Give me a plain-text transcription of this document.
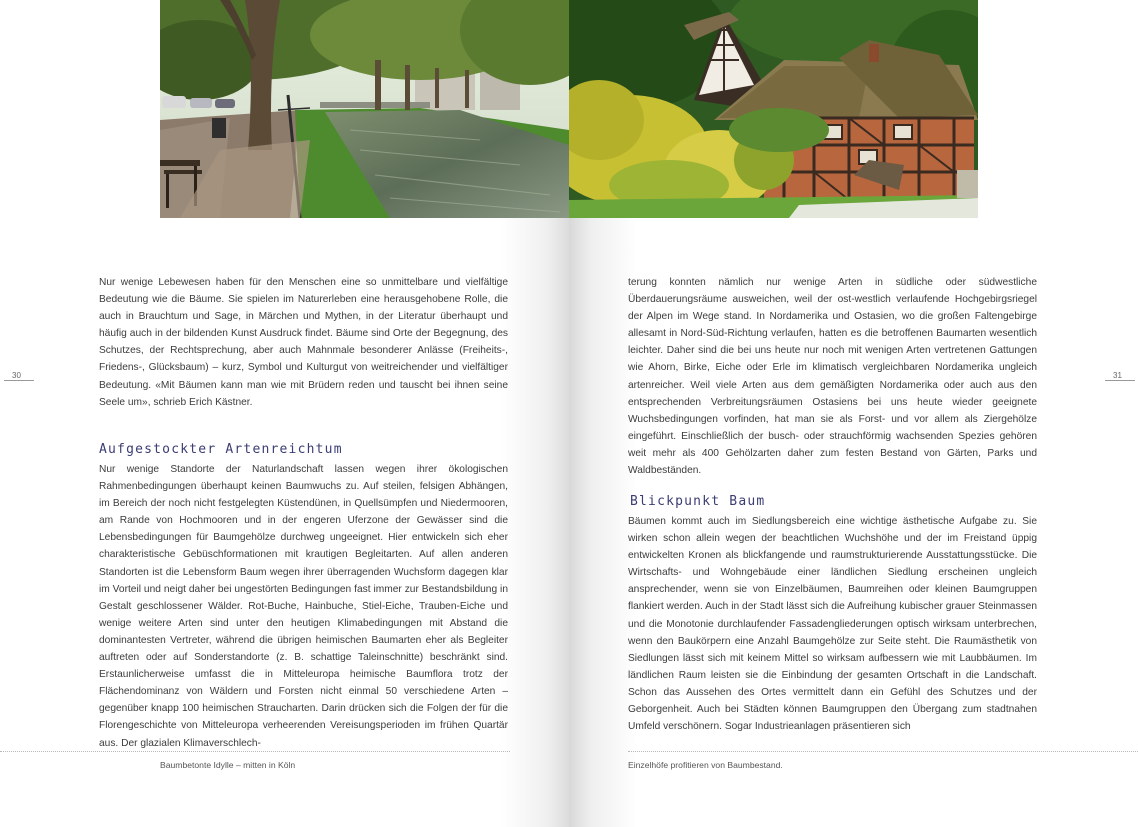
30

Nur wenige Lebewesen haben für den Menschen eine so unmittelbare und vielfältige Bedeutung wie die Bäume. Sie spielen im Naturerleben eine herausgehobene Rolle, die auch in Brauchtum und Sage, in Märchen und Mythen, in der Literatur überhaupt und häufig auch in der bildenden Kunst Ausdruck findet. Bäume sind Orte der Begegnung, des Schutzes, der Rechtsprechung, aber auch Mahnmale besonderer Anlässe (Freiheits-, Friedens-, Glücksbaum) – kurz, Symbol und Kulturgut von weitreichender und vielfältiger Bedeutung. «Mit Bäumen kann man wie mit Brüdern reden und tauscht bei ihnen seine Seele um», schrieb Erich Kästner.

Aufgestockter Artenreichtum

Nur wenige Standorte der Naturlandschaft lassen wegen ihrer ökologischen Rahmenbedingungen überhaupt keinen Baumwuchs zu. Auf steilen, felsigen Abhängen, im Bereich der noch nicht festgelegten Küstendünen, in Quellsümpfen und Niedermooren, am Rande von Hochmooren und in der engeren Uferzone der Gewässer sind die Lebensbedingungen für Baumgehölze durchweg ungeeignet. Hier entwickeln sich eher charakteristische Gebüschformationen mit krautigen Begleitarten. Auf allen anderen Standorten ist die Lebensform Baum wegen ihrer überragenden Wuchsform dagegen klar im Vorteil und neigt daher bei ungestörten Bedingungen fast immer zur Bestandsbildung in Gestalt geschlossener Wälder. Rot-Buche, Hainbuche, Stiel-Eiche, Trauben-Eiche und wenige weitere Arten sind unter den heutigen Klimabedingungen mit Abstand die dominantesten Vertreter, während die übrigen heimischen Baumarten eher als Begleiter auftreten oder auf Sonderstandorte (z. B. schattige Taleinschnitte) beschränkt sind. Erstaunlicherweise umfasst die in Mitteleuropa heimische Baumflora trotz der Flächendominanz von Wäldern und Forsten nicht einmal 50 verschiedene Arten – gegenüber knapp 100 heimischen Straucharten. Darin drücken sich die Folgen der für die Florengeschichte von Mitteleuropa verheerenden Vereisungsperioden im frühen Quartär aus. Der glazialen Klimaverschlech-

Baumbetonte Idylle – mitten in Köln
31

terung konnten nämlich nur wenige Arten in südliche oder südwestliche Überdauerungsräume ausweichen, weil der ost-westlich verlaufende Hochgebirgsriegel der Alpen im Wege stand. In Nordamerika und Ostasien, wo die großen Faltengebirge allesamt in Nord-Süd-Richtung verlaufen, hatten es die betroffenen Baumarten wesentlich leichter. Daher sind die bei uns heute nur noch mit wenigen Arten vertretenen Gattungen wie Ahorn, Birke, Eiche oder Erle im klimatisch vergleichbaren Nordamerika ungleich artenreicher. Weil viele Arten aus dem gemäßigten Nordamerika oder auch aus den entsprechenden Verbreitungsräumen Ostasiens bei uns heute wieder geeignete Wuchsbedingungen vorfinden, hat man sie als Forst- und vor allem als Ziergehölze eingeführt. Einschließlich der busch- oder strauchförmig wachsenden Spezies gehören weit mehr als 400 Gehölzarten daher zum festen Bestand von Gärten, Parks und Waldbeständen.

Blickpunkt Baum

Bäumen kommt auch im Siedlungsbereich eine wichtige ästhetische Aufgabe zu. Sie wirken schon allein wegen der beachtlichen Wuchshöhe und der im Freistand üppig entwickelten Kronen als blickfangende und raumstrukturierende Ausstattungsstücke. Die Wirtschafts- und Wohngebäude einer ländlichen Siedlung erscheinen ungleich ansprechender, wenn sie von Einzelbäumen, Baumreihen oder kleinen Baumgruppen flankiert werden. Auch in der Stadt lässt sich die Aufreihung kubischer grauer Steinmassen und die Monotonie durchlaufender Fassadengliederungen optisch wirksam unterbrechen, wenn den Baukörpern eine Anzahl Baumgehölze zur Seite steht. Die Raumästhetik von Siedlungen lässt sich mit keinem Mittel so wirksam aufbessern wie mit Laubbäumen. Im ländlichen Raum leisten sie die Einbindung der gesamten Ortschaft in die Landschaft. Schon das Aussehen des Ortes vermittelt dann ein Gefühl des Schutzes und der Geborgenheit. Auch bei Städten können Baumgruppen den Übergang zum stadtnahen Umfeld verschönern. Sogar Industrieanlagen präsentieren sich

Einzelhöfe profitieren von Baumbestand.
